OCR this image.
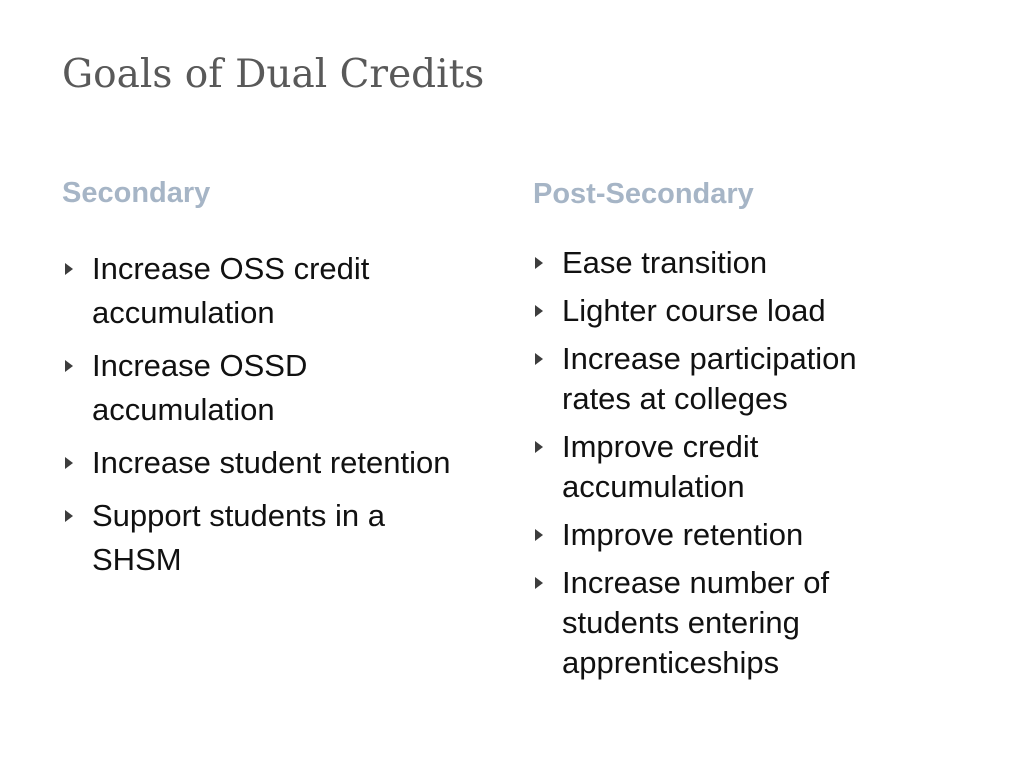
Goals of Dual Credits
Secondary	Post-Secondary
Increase OSS credit
accumulation
Increase OSSD
accumulation
Increase student retention
Support students in a
SHSM
Ease transition
Lighter course load
Increase participation
rates at colleges
Improve credit
accumulation
Improve retention
Increase number of
students entering
apprenticeships
